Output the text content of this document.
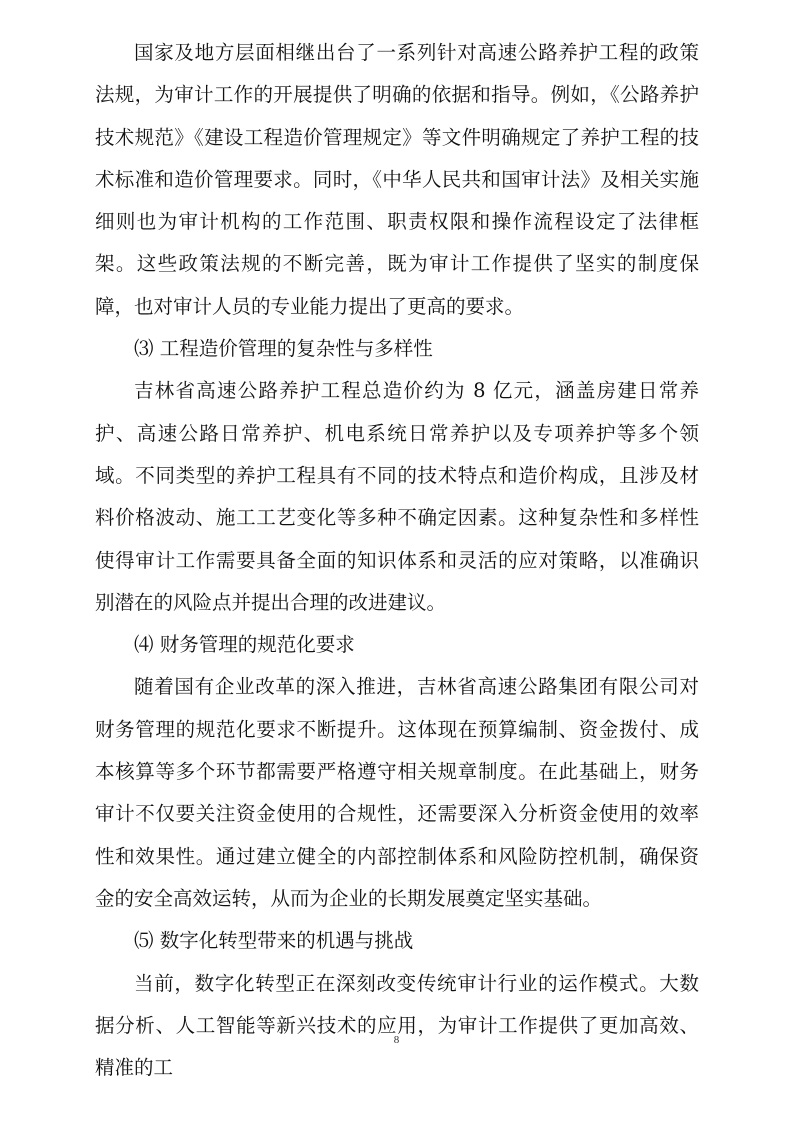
国家及地方层面相继出台了一系列针对高速公路养护工程的政策法规，为审计工作的开展提供了明确的依据和指导。例如，《公路养护技术规范》《建设工程造价管理规定》等文件明确规定了养护工程的技术标准和造价管理要求。同时，《中华人民共和国审计法》及相关实施细则也为审计机构的工作范围、职责权限和操作流程设定了法律框架。这些政策法规的不断完善，既为审计工作提供了坚实的制度保障，也对审计人员的专业能力提出了更高的要求。

⑶ 工程造价管理的复杂性与多样性

吉林省高速公路养护工程总造价约为 8 亿元，涵盖房建日常养护、高速公路日常养护、机电系统日常养护以及专项养护等多个领域。不同类型的养护工程具有不同的技术特点和造价构成，且涉及材料价格波动、施工工艺变化等多种不确定因素。这种复杂性和多样性使得审计工作需要具备全面的知识体系和灵活的应对策略，以准确识别潜在的风险点并提出合理的改进建议。

⑷ 财务管理的规范化要求

随着国有企业改革的深入推进，吉林省高速公路集团有限公司对财务管理的规范化要求不断提升。这体现在预算编制、资金拨付、成本核算等多个环节都需要严格遵守相关规章制度。在此基础上，财务审计不仅要关注资金使用的合规性，还需要深入分析资金使用的效率性和效果性。通过建立健全的内部控制体系和风险防控机制，确保资金的安全高效运转，从而为企业的长期发展奠定坚实基础。

⑸ 数字化转型带来的机遇与挑战

当前，数字化转型正在深刻改变传统审计行业的运作模式。大数据分析、人工智能等新兴技术的应用，为审计工作提供了更加高效、精准的工

8
